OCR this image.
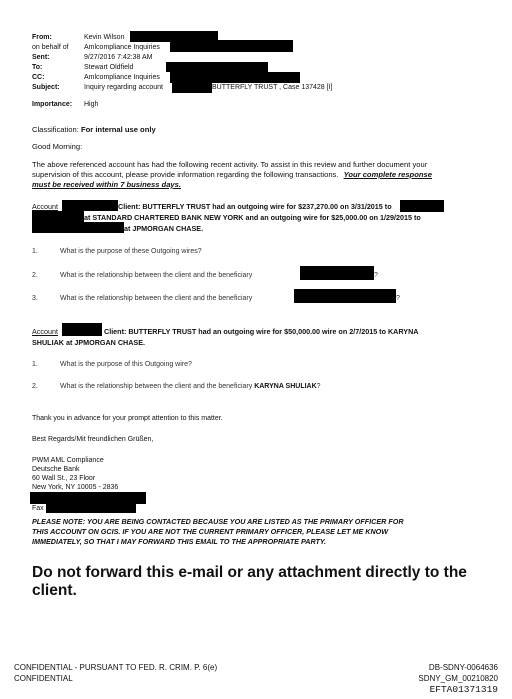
From:	Kevin Wilson
on behalf of Amlcompliance Inquiries
Sent:	9/27/2016 7:42:38 AM
To:	Stewart Oldfield
CC:	Amlcompliance Inquiries
Subject:	Inquiry regarding account	BUTTERFLY TRUST , Case 137428 [I]
Importance: High
Classification: For internal use only
Good Morning:
The above referenced account has had the following recent activity. To assist in this review and further document your
supervision of this account, please provide information regarding the following transactions. Your complete response
must be received within 7 business days.
Account	Client: BUTTERFLY TRUST had an outgoing wire for $237,270.00 on 3/31/2015 to
at STANDARD CHARTERED BANK NEW YORK and an outgoing wire for $25,000.00 on 1/29/2015 to
at JPMORGAN CHASE.
1.	What is the purpose of these Outgoing wires?
2.	What is the relationship between the client and the beneficiary	?
3.	What is the relationship between the client and the beneficiary	?
Account	Client: BUTTERFLY TRUST had an outgoing wire for $50,000.00 wire on 2/7/2015 to KARYNA
SHULIAK at JPMORGAN CHASE.
1.	What is the purpose of this Outgoing wire?
2.	What is the relationship between the client and the beneficiary KARYNA SHULIAK?
Thank you in advance for your prompt attention to this matter.
Best Regards/Mit freundlichen Grüßen,
PWM AML Compliance
Deutsche Bank
60 Wall St., 23 Floor
New York, NY 10005 - 2836
Fax
PLEASE NOTE: YOU ARE BEING CONTACTED BECAUSE YOU ARE LISTED AS THE PRIMARY OFFICER FOR
THIS ACCOUNT ON GCIS. IF YOU ARE NOT THE CURRENT PRIMARY OFFICER, PLEASE LET ME KNOW
IMMEDIATELY, SO THAT I MAY FORWARD THIS EMAIL TO THE APPROPRIATE PARTY.
Do not forward this e-mail or any attachment directly to the
client.
CONFIDENTIAL - PURSUANT TO FED. R. CRIM. P. 6(e)
CONFIDENTIAL
DB-SDNY-0064636
SDNY_GM_00210820
EFTA01371319
